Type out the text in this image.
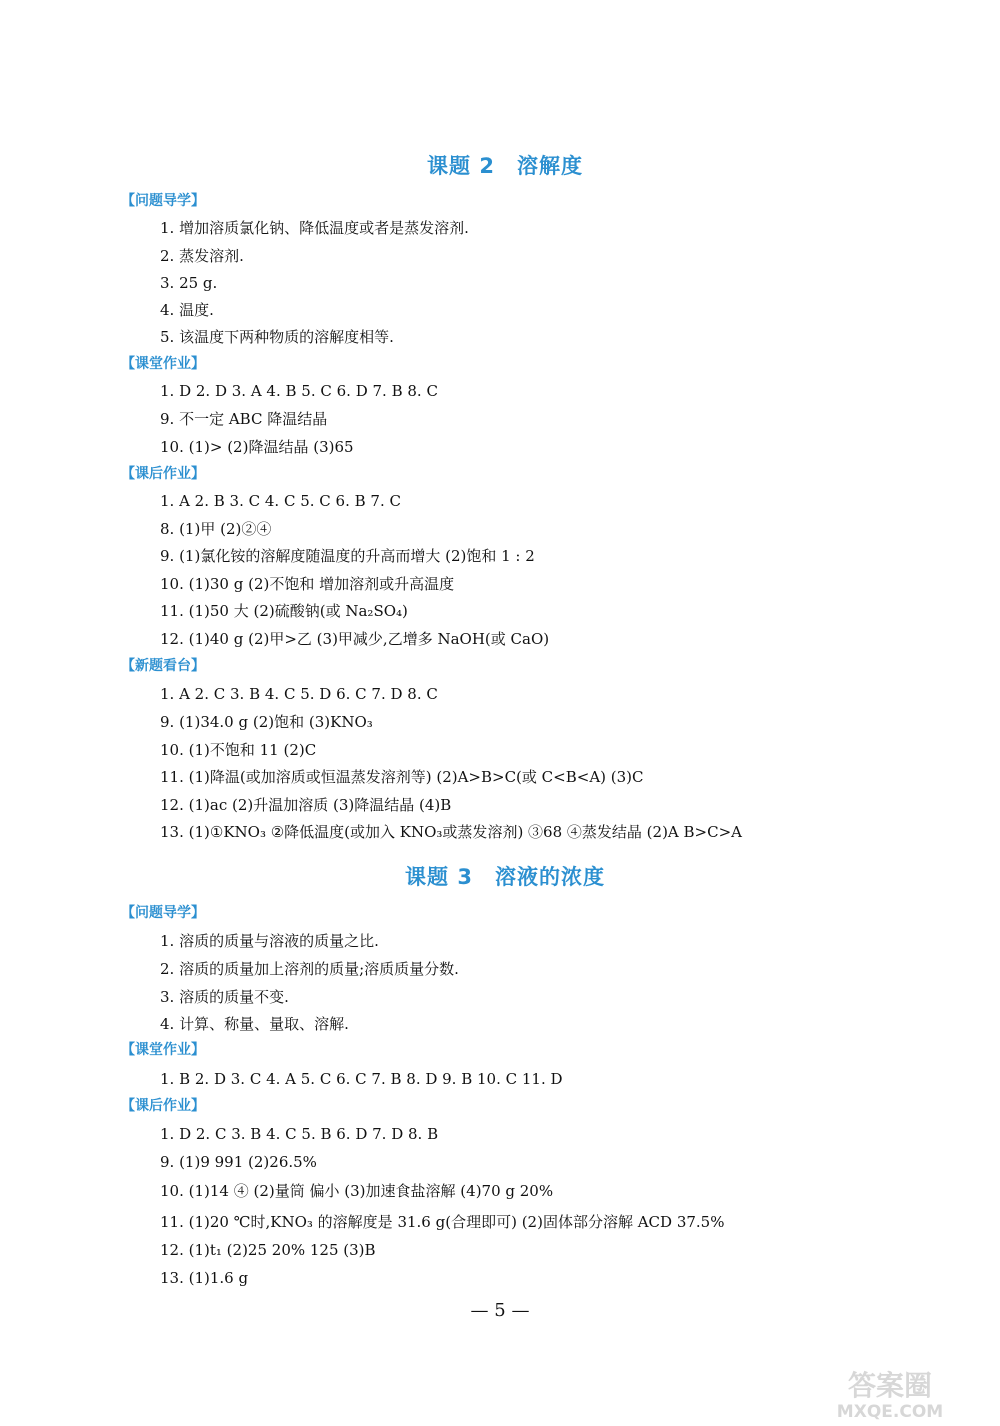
课题 2 溶解度
【问题导学】
1. 增加溶质氯化钠、降低温度或者是蒸发溶剂.
2. 蒸发溶剂.
3. 25 g.
4. 温度.
5. 该温度下两种物质的溶解度相等.
【课堂作业】
1. D 2. D 3. A 4. B 5. C 6. D 7. B 8. C
9. 不一定 ABC 降温结晶
10. (1)> (2)降温结晶 (3)65
【课后作业】
1. A 2. B 3. C 4. C 5. C 6. B 7. C
8. (1)甲 (2)②④
9. (1)氯化铵的溶解度随温度的升高而增大 (2)饱和 1 : 2
10. (1)30 g (2)不饱和 增加溶剂或升高温度
11. (1)50 大 (2)硫酸钠(或 Na₂SO₄)
12. (1)40 g (2)甲>乙 (3)甲减少,乙增多 NaOH(或 CaO)
【新题看台】
1. A 2. C 3. B 4. C 5. D 6. C 7. D 8. C
9. (1)34.0 g (2)饱和 (3)KNO₃
10. (1)不饱和 11 (2)C
11. (1)降温(或加溶质或恒温蒸发溶剂等) (2)A>B>C(或 C<B<A) (3)C
12. (1)ac (2)升温加溶质 (3)降温结晶 (4)B
13. (1)①KNO₃ ②降低温度(或加入 KNO₃或蒸发溶剂) ③68 ④蒸发结晶 (2)A B>C>A
课题 3 溶液的浓度
【问题导学】
1. 溶质的质量与溶液的质量之比.
2. 溶质的质量加上溶剂的质量;溶质质量分数.
3. 溶质的质量不变.
4. 计算、称量、量取、溶解.
【课堂作业】
1. B 2. D 3. C 4. A 5. C 6. C 7. B 8. D 9. B 10. C 11. D
【课后作业】
1. D 2. C 3. B 4. C 5. B 6. D 7. D 8. B
9. (1)9 991 (2)26.5%
10. (1)14 ④ (2)量筒 偏小 (3)加速食盐溶解 (4)70 g 20%
11. (1)20 ℃时,KNO₃ 的溶解度是 31.6 g(合理即可) (2)固体部分溶解 ACD 37.5%
12. (1)t₁ (2)25 20% 125 (3)B
13. (1)1.6 g
— 5 —
答案圈
MXQE.COM
